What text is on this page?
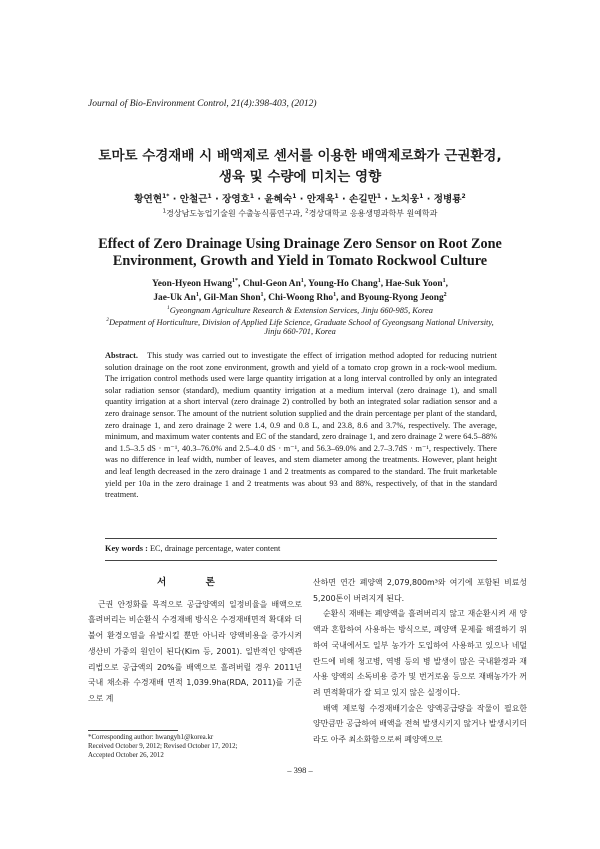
Journal of Bio-Environment Control, 21(4):398-403, (2012)
토마토 수경재배 시 배액제로 센서를 이용한 배액제로화가 근권환경,
생육 및 수량에 미치는 영향
황연현$^{1*}$ · 안철근$^1$ · 장영호$^1$ · 윤혜숙$^1$ · 안재욱$^1$ · 손길만$^1$ · 노치웅$^1$ · 정병룡$^2$
$^1$경상남도농업기술원 수출농식품연구과, $^2$경상대학교 응용생명과학부 원예학과
Effect of Zero Drainage Using Drainage Zero Sensor on Root Zone
Environment, Growth and Yield in Tomato Rockwool Culture
Yeon-Hyeon Hwang$^{1*}$, Chul-Geon An$^1$, Young-Ho Chang$^1$, Hae-Suk Yoon$^1$,
Jae-Uk An$^1$, Gil-Man Shon$^1$, Chi-Woong Rho$^1$, and Byoung-Ryong Jeong$^2$
$^1$Gyeongnam Agriculture Research & Extension Services, Jinju 660-985, Korea
$^2$Depatment of Horticulture, Division of Applied Life Science, Graduate School of Gyeongsang National University,
Jinju 660-701, Korea
Abstract. This study was carried out to investigate the effect of irrigation method adopted for reducing nutrient solution drainage on the root zone environment, growth and yield of a tomato crop grown in a rock-wool medium. The irrigation control methods used were large quantity irrigation at a long interval controlled by only an integrated solar radiation sensor (standard), medium quantity irrigation at a medium interval (zero drainage 1), and small quantity irrigation at a short interval (zero drainage 2) controlled by both an integrated solar radiation sensor and a zero drainage sensor. The amount of the nutrient solution supplied and the drain percentage per plant of the standard, zero drainage 1, and zero drainage 2 were 1.4, 0.9 and 0.8 L, and 23.8, 8.6 and 3.7%, respectively. The average, minimum, and maximum water contents and EC of the standard, zero drainage 1, and zero drainage 2 were 64.5–88% and 1.5–3.5 dS · m⁻¹, 40.3–76.0% and 2.5–4.0 dS · m⁻¹, and 56.3–69.0% and 2.7–3.7dS · m⁻¹, respectively. There was no difference in leaf width, number of leaves, and stem diameter among the treatments. However, plant height and leaf length decreased in the zero drainage 1 and 2 treatments as compared to the standard. The fruit marketable yield per 10a in the zero drainage 1 and 2 treatments was about 93 and 88%, respectively, of that in the standard treatment.
Key words : EC, drainage percentage, water content

서 론

근권 안정화를 목적으로 공급양액의 일정비율을 배액으로 흘려버리는 비순환식 수경재배 방식은 수경재배면적 확대와 더불어 환경오염을 유발시킬 뿐만 아니라 양액비용을 증가시켜 생산비 가중의 원인이 된다(Kim 등, 2001). 일반적인 양액관리법으로 공급액의 20%를 배액으로 흘려버릴 경우 2011년 국내 채소류 수경재배 면적 1,039.9ha(RDA, 2011)를 기준으로 계

산하면 연간 폐양액 2,079,800m³와 여기에 포함된 비료성 5,200톤이 버려지게 된다.

순환식 재배는 폐양액을 흘려버리지 않고 재순환시켜 새 양액과 혼합하여 사용하는 방식으로, 폐양액 문제를 해결하기 위하여 국내에서도 일부 농가가 도입하여 사용하고 있으나 네덜란드에 비해 청고병, 역병 등의 병 발생이 많은 국내환경과 재사용 양액의 소독비용 증가 및 번거로움 등으로 재배농가가 꺼려 면적확대가 잘 되고 있지 않은 실정이다.

배액 제로형 수경재배기술은 양액공급량을 작물이 필요한 양만큼만 공급하여 배액을 전혀 발생시키지 않거나 발생시키더라도 아주 최소화함으로써 폐양액으로

*Corresponding author: hwangyh1@korea.kr
Received October 9, 2012; Revised October 17, 2012;
Accepted October 26, 2012
– 398 –
